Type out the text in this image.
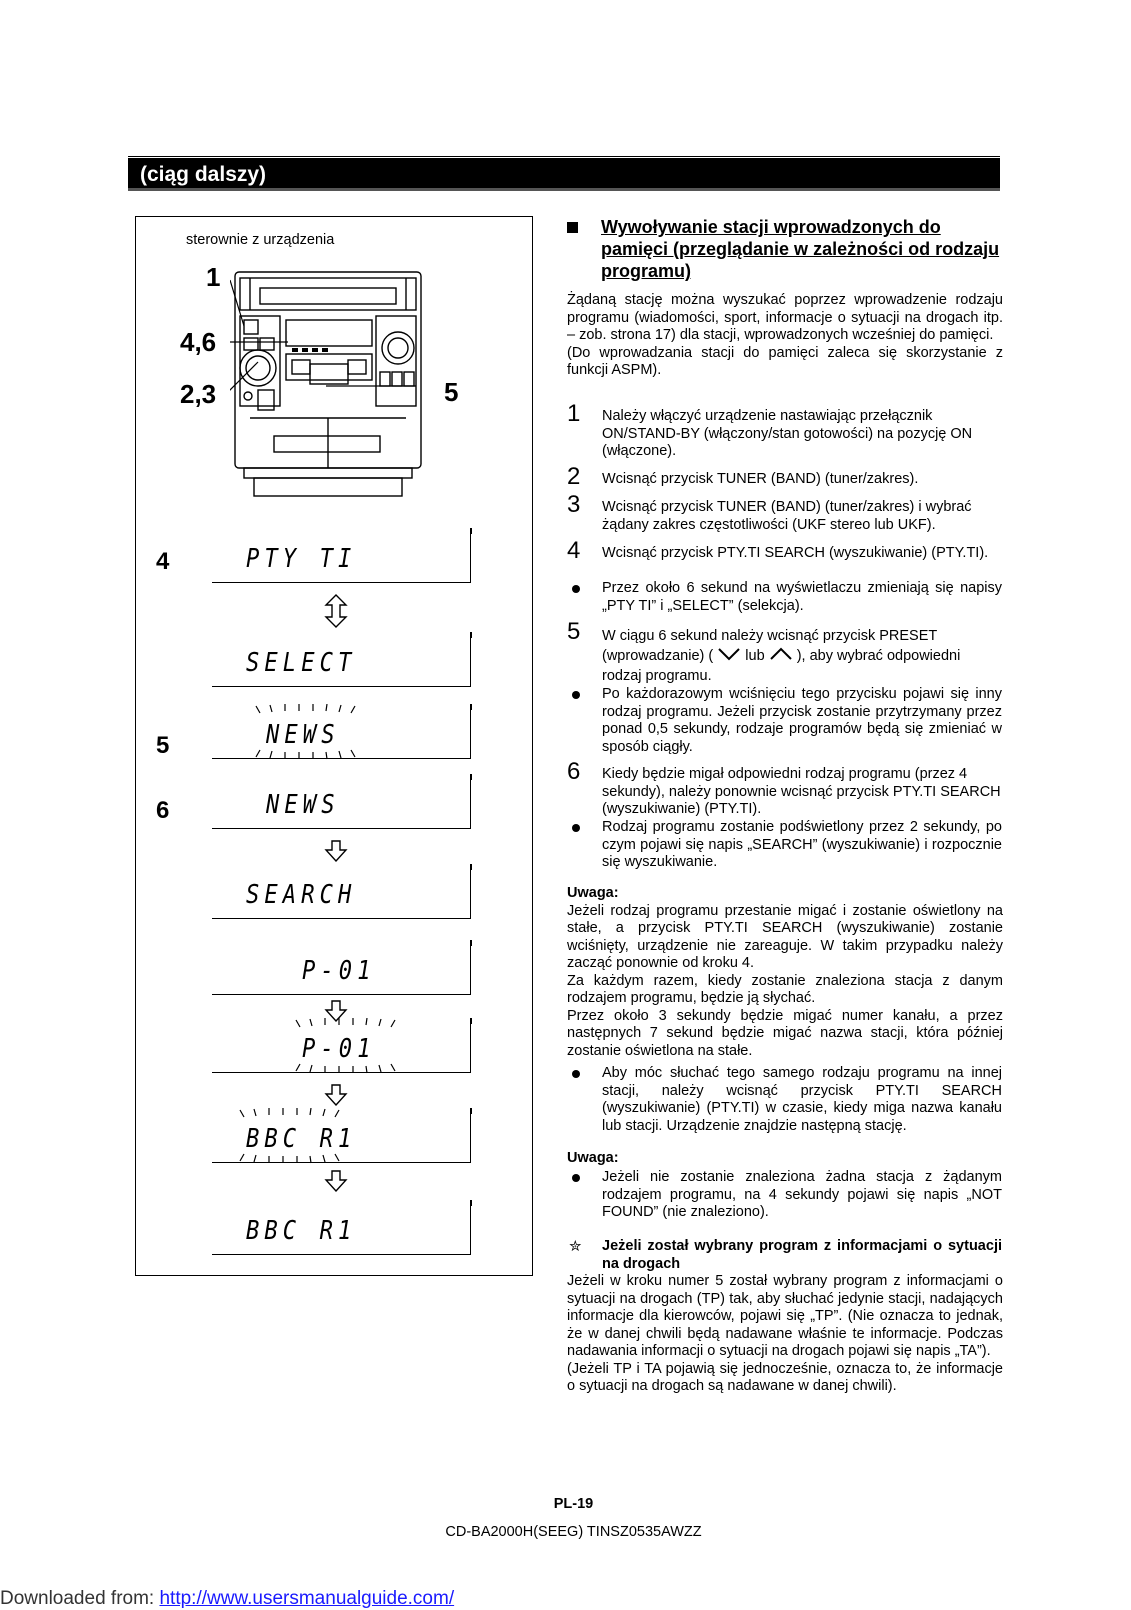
(ciąg dalszy)
sterownie z urządzenia
1
4,6
2,3	5
4
5
6
PTY TI
SELECT
NEWS
NEWS
SEARCH
P-01
P-01
BBC R1
BBC R1
Wywoływanie stacji wprowadzonych do pamięci (przeglądanie w zależności od rodzaju programu)

Żądaną stację można wyszukać poprzez wprowadzenie rodzaju programu (wiadomości, sport, informacje o sytuacji na drogach itp. – zob. strona 17) dla stacji, wprowadzonych wcześniej do pamięci.

(Do wprowadzania stacji do pamięci zaleca się skorzystanie z funkcji ASPM).

1 Należy włączyć urządzenie nastawiając przełącznik ON/STAND-BY (włączony/stan gotowości) na pozycję ON (włączone).
2 Wcisnąć przycisk TUNER (BAND) (tuner/zakres).
3 Wcisnąć przycisk TUNER (BAND) (tuner/zakres) i wybrać żądany zakres częstotliwości (UKF stereo lub UKF).
4 Wcisnąć przycisk PTY.TI SEARCH (wyszukiwanie) (PTY.TI).
Przez około 6 sekund na wyświetlaczu zmieniają się napisy „PTY TI” i „SELECT” (selekcja).
5 W ciągu 6 sekund należy wcisnąć przycisk PRESET (wprowadzanie) ( lub ), aby wybrać odpowiedni rodzaj programu.
Po każdorazowym wciśnięciu tego przycisku pojawi się inny rodzaj programu. Jeżeli przycisk zostanie przytrzymany przez ponad 0,5 sekundy, rodzaje programów będą się zmieniać w sposób ciągły.
6 Kiedy będzie migał odpowiedni rodzaj programu (przez 4 sekundy), należy ponownie wcisnąć przycisk PTY.TI SEARCH (wyszukiwanie) (PTY.TI).
Rodzaj programu zostanie podświetlony przez 2 sekundy, po czym pojawi się napis „SEARCH” (wyszukiwanie) i rozpocznie się wyszukiwanie.

Uwaga:

Jeżeli rodzaj programu przestanie migać i zostanie oświetlony na stałe, a przycisk PTY.TI SEARCH (wyszukiwanie) zostanie wciśnięty, urządzenie nie zareaguje. W takim przypadku należy zacząć ponownie od kroku 4.

Za każdym razem, kiedy zostanie znaleziona stacja z danym rodzajem programu, będzie ją słychać.

Przez około 3 sekundy będzie migać numer kanału, a przez następnych 7 sekund będzie migać nazwa stacji, która później zostanie oświetlona na stałe.

Aby móc słuchać tego samego rodzaju programu na innej stacji, należy wcisnąć przycisk PTY.TI SEARCH (wyszukiwanie) (PTY.TI) w czasie, kiedy miga nazwa kanału lub stacji. Urządzenie znajdzie następną stację.
Uwaga:
Jeżeli nie zostanie znaleziona żadna stacja z żądanym rodzajem programu, na 4 sekundy pojawi się napis „NOT FOUND” (nie znaleziono).
✮ Jeżeli został wybrany program z informacjami o sytuacji na drogach

Jeżeli w kroku numer 5 został wybrany program z informacjami o sytuacji na drogach (TP) tak, aby słuchać jedynie stacji, nadających informacje dla kierowców, pojawi się „TP”. (Nie oznacza to jednak, że w danej chwili będą nadawane właśnie te informacje. Podczas nadawania informacji o sytuacji na drogach pojawi się napis „TA”).

(Jeżeli TP i TA pojawią się jednocześnie, oznacza to, że informacje o sytuacji na drogach są nadawane w danej chwili).

PL-19
CD-BA2000H(SEEG) TINSZ0535AWZZ
Downloaded from: http://www.usersmanualguide.com/
